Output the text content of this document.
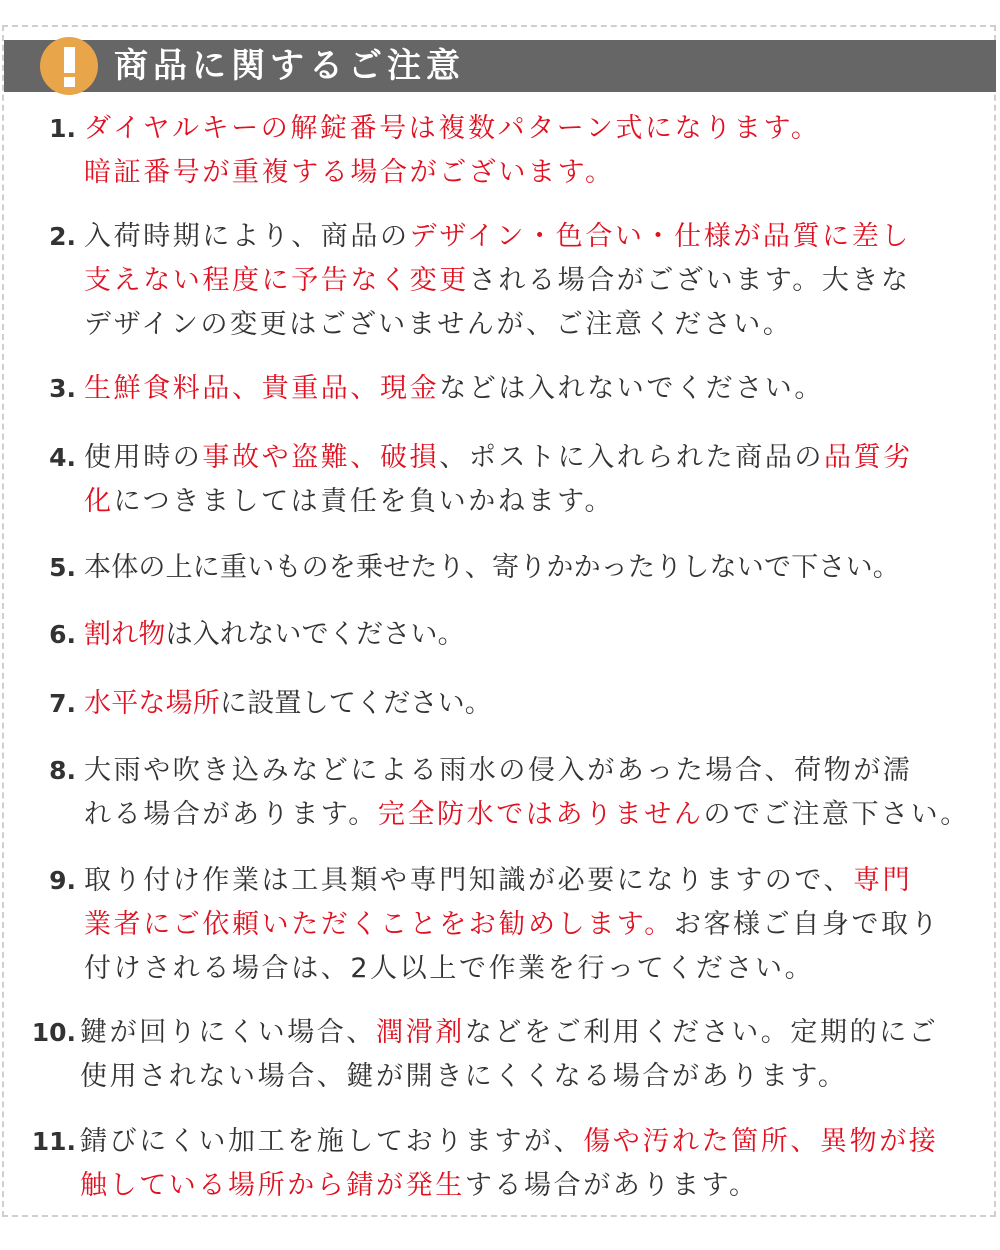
商品に関するご注意
1. ダイヤルキーの解錠番号は複数パターン式になります。
暗証番号が重複する場合がございます。
2. 入荷時期により、商品のデザイン・色合い・仕様が品質に差し
支えない程度に予告なく変更される場合がございます。大きな
デザインの変更はございませんが、ご注意ください。
3. 生鮮食料品、貴重品、現金などは入れないでください。
4. 使用時の事故や盗難、破損、ポストに入れられた商品の品質劣
化につきましては責任を負いかねます。
5. 本体の上に重いものを乗せたり、寄りかかったりしないで下さい。
6. 割れ物は入れないでください。
7. 水平な場所に設置してください。
8. 大雨や吹き込みなどによる雨水の侵入があった場合、荷物が濡
れる場合があります。完全防水ではありませんのでご注意下さい。
9. 取り付け作業は工具類や専門知識が必要になりますので、専門
業者にご依頼いただくことをお勧めします。お客様ご自身で取り
付けされる場合は、2人以上で作業を行ってください。
10. 鍵が回りにくい場合、潤滑剤などをご利用ください。定期的にご
使用されない場合、鍵が開きにくくなる場合があります。
11. 錆びにくい加工を施しておりますが、傷や汚れた箇所、異物が接
触している場所から錆が発生する場合があります。
